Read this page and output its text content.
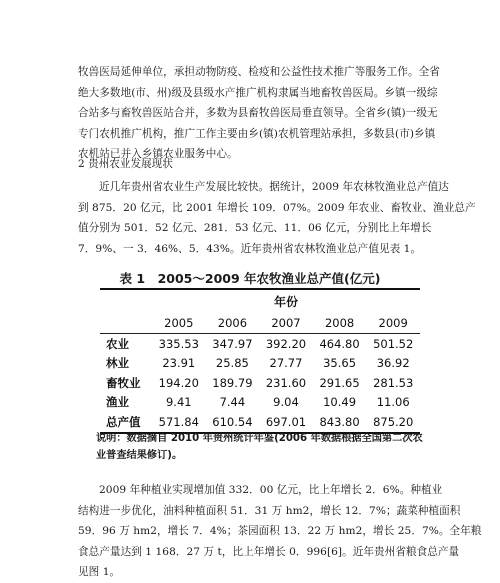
牧兽医局延伸单位，承担动物防疫、检疫和公益性技术推广等服务工作。全省
绝大多数地(市、州)级及县级水产推广机构隶属当地畜牧兽医局。乡镇一级综
合站多与畜牧兽医站合并，多数为县畜牧兽医局垂直领导。全省乡(镇)一级无
专门农机推广机构，推广工作主要由乡(镇)农机管理站承担，多数县(市)乡镇
农机站已并入乡镇农业服务中心。
2 贵州农业发展现状
近几年贵州省农业生产发展比较快。据统计，2009 年农林牧渔业总产值达
到 875．20 亿元，比 2001 年增长 109．07%。2009 年农业、畜牧业、渔业总产
值分别为 501．52 亿元、281．53 亿元、11．06 亿元，分别比上年增长
7．9%、一 3．46%、5．43%。近年贵州省农林牧渔业总产值见表 1。
表 1　2005～2009 年农牧渔业总产值(亿元)
	年份				
	2005	2006	2007	2008	2009
农业	335.53	347.97	392.20	464.80	501.52
林业	23.91	25.85	27.77	35.65	36.92
畜牧业	194.20	189.79	231.60	291.65	281.53
渔业	9.41	7.44	9.04	10.49	11.06
总产值	571.84	610.54	697.01	843.80	875.20
说明：数据摘自 2010 年贵州统计年鉴(2006 年数据根据全国第二次农
业普查结果修订)。
2009 年种植业实现增加值 332．00 亿元，比上年增长 2．6%。种植业
结构进一步优化，油料种植面积 51．31 万 hm2，增长 12．7%；蔬菜种植面积
59．96 万 hm2，增长 7．4%；茶园面积 13．22 万 hm2，增长 25．7%。全年粮
食总产量达到 1 168．27 万 t，比上年增长 0．996[6]。近年贵州省粮食总产量
见图 1。
